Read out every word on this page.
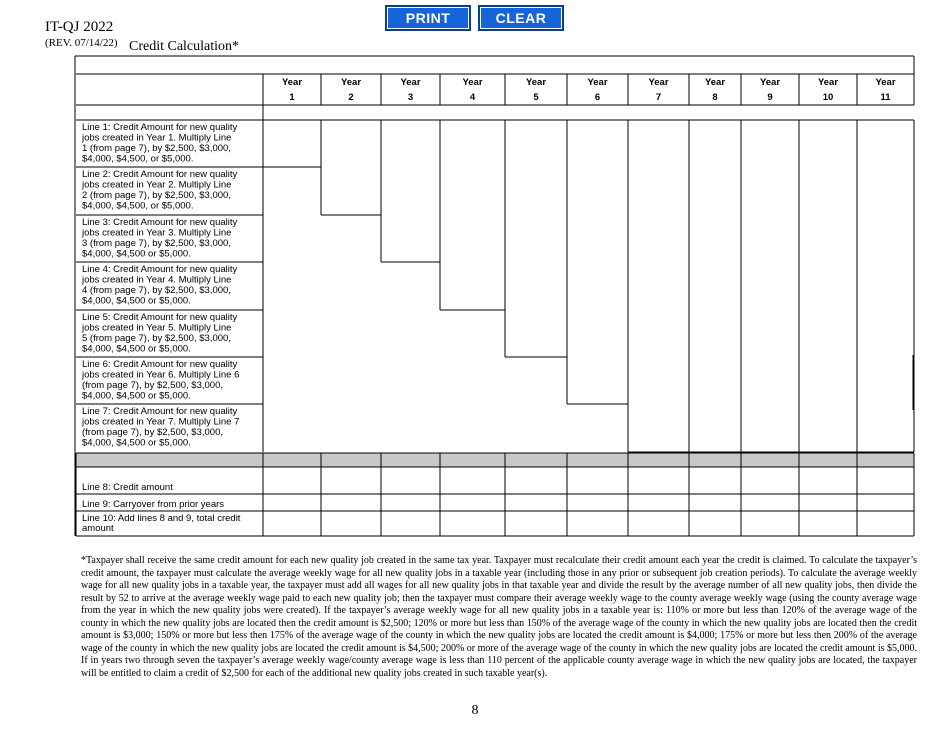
IT-QJ 2022
(REV. 07/14/22) Credit Calculation*
PRINT	CLEAR
Year
1
Year
2
Year
3
Year
4
Year
5
Year
6
Year
7
Year
8
Year
9
Year
10
Year
11
Line 1: Credit Amount for new quality
jobs created in Year 1. Multiply Line
1 (from page 7), by $2,500, $3,000,
$4,000, $4,500, or $5,000.
Line 2: Credit Amount for new quality
jobs created in Year 2. Multiply Line
2 (from page 7), by $2,500, $3,000,
$4,000, $4,500, or $5,000.
Line 3: Credit Amount for new quality
jobs created in Year 3. Multiply Line
3 (from page 7), by $2,500, $3,000,
$4,000, $4,500 or $5,000.
Line 4: Credit Amount for new quality
jobs created in Year 4. Multiply Line
4 (from page 7), by $2,500, $3,000,
$4,000, $4,500 or $5,000.
Line 5: Credit Amount for new quality
jobs created in Year 5. Multiply Line
5 (from page 7), by $2,500, $3,000,
$4,000, $4,500 or $5,000.
Line 6: Credit Amount for new quality
jobs created in Year 6. Multiply Line 6
(from page 7), by $2,500, $3,000,
$4,000, $4,500 or $5,000.
Line 7: Credit Amount for new quality
jobs created in Year 7. Multiply Line 7
(from page 7), by $2,500, $3,000,
$4,000, $4,500 or $5,000.
Line 8: Credit amount
Line 9: Carryover from prior years
Line 10: Add lines 8 and 9, total credit
amount
*Taxpayer shall receive the same credit amount for each new quality job created in the same tax year. Taxpayer must recalculate their credit amount each year the credit is claimed. To calculate the taxpayer’s credit amount, the taxpayer must calculate the average weekly wage for all new quality jobs in a taxable year (including those in any prior or subsequent job creation periods). To calculate the average weekly wage for all new quality jobs in a taxable year, the taxpayer must add all wages for all new quality jobs in that taxable year and divide the result by the average number of all new quality jobs, then divide the result by 52 to arrive at the average weekly wage paid to each new quality job; then the taxpayer must compare their average weekly wage to the county average weekly wage (using the county average wage from the year in which the new quality jobs were created). If the taxpayer’s average weekly wage for all new quality jobs in a taxable year is: 110% or more but less than 120% of the average wage of the county in which the new quality jobs are located then the credit amount is $2,500; 120% or more but less than 150% of the average wage of the county in which the new quality jobs are located then the credit amount is $3,000; 150% or more but less then 175% of the average wage of the county in which the new quality jobs are located the credit amount is $4,000; 175% or more but less then 200% of the average wage of the county in which the new quality jobs are located the credit amount is $4,500; 200% or more of the average wage of the county in which the new quality jobs are located the credit amount is $5,000. If in years two through seven the taxpayer’s average weekly wage/county average wage is less than 110 percent of the applicable county average wage in which the new quality jobs are located, the taxpayer will be entitled to claim a credit of $2,500 for each of the additional new quality jobs created in such taxable year(s).
8
